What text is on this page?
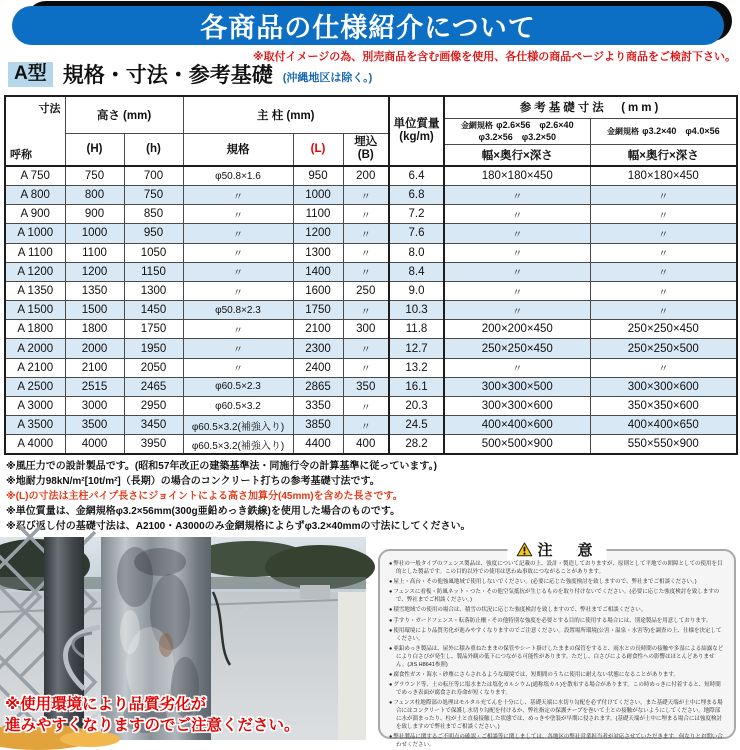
各商品の仕様紹介について
※取付イメージの為、別売商品を含む画像を使用、各仕様の商品ページより商品をご検討下さい。
A型 規格・寸法・参考基礎 (沖縄地区は除く。)
寸法
呼称
	高さ (mm)	主 柱 (mm)	
単位質量
(kg/m)
	参考基礎寸法　(mm)
							金網規格 φ2.6×56　φ2.6×40
φ3.2×56　φ3.2×50	金網規格 φ3.2×40　φ4.0×56
	(H)	(h)	規格	(L)	埋込
(B)			

							幅×奥行×深さ	幅×奥行×深さ
A 750	750	700	φ50.8×1.6	950	200	6.4	180×180×450	180×180×450
A 800	800	750	〃	1000	〃	6.8	〃	〃
A 900	900	850	〃	1100	〃	7.2	〃	〃
A 1000	1000	950	〃	1200	〃	7.6	〃	〃
A 1100	1100	1050	〃	1300	〃	8.0	〃	〃
A 1200	1200	1150	〃	1400	〃	8.4	〃	〃
A 1350	1350	1300	〃	1600	250	9.0	〃	〃
A 1500	1500	1450	φ50.8×2.3	1750	〃	10.3	〃	〃
A 1800	1800	1750	〃	2100	300	11.8	200×200×450	250×250×450
A 2000	2000	1950	〃	2300	〃	12.7	250×250×450	250×250×500
A 2100	2100	2050	〃	2400	〃	13.2	〃	〃
A 2500	2515	2465	φ60.5×2.3	2865	350	16.1	300×300×500	300×300×600
A 3000	3000	2950	φ60.5×3.2	3350	〃	20.3	300×300×600	350×350×600
A 3500	3500	3450	φ60.5×3.2(補強入り)	3850	〃	24.5	400×400×600	400×400×650
A 4000	4000	3950	φ60.5×3.2(補強入り)	4400	400	28.2	500×500×900	550×550×900
※風圧力での設計製品です。(昭和57年改正の建築基準法・同施行令の計算基準に従っています。)
※地耐力98kN/m²[10t/m²]（長期）の場合のコンクリート打ちの参考基礎寸法です。
※(L)の寸法は主柱パイプ長さにジョイントによる高さ加算分(45mm)を含めた長さです。
※単位質量は、金網規格φ3.2×56mm(300g亜鉛めっき鉄線)を使用した場合のものです。
※忍び返し付の基礎寸法は、A2100・A3000のみ金網規格によらずφ3.2×40mmの寸法にしてください。
※使用環境により品質劣化が
進みやすくなりますのでご注意ください。
注　意
● 弊社の一般タイプのフェンス製品は、強度について記載の上、設計・製造しておりますが、原則として平地での囲障としての使用を目的とした製品です。この目的以外での使用は思わぬ事故につながることがあります。
● 屋上・高台・その他強風地域で使用しないでください。(必要に応じた強度検討を致しますので、弊社までご相談ください。)
● フェンスに看板・防風ネット・つた・その他空気抵抗が生じるものを取り付けないでください。(必要に応じた強度検討を致しますので、弊社までご相談ください。)
● 積雪地域での使用の場合は、積雪の状況に応じた強度検討を致しますので、弊社までご相談ください。
● 手すり・ガードフェンス・転落防止柵・その他特別な強度を必要とする目的に使用する場合には、別途製品を用意しております。
● 使用環境により品質劣化が進みやすくなりますのでご注意ください。設置場所環境(公害・温泉・水害等)を調査の上、仕様を決定してください。
● 亜鉛めっき製品は、屋外に積み重ねたままの保管やシート掛けしたままの保管をすると、雨水との長時間の接触や多湿による結露などにより白さびが発生し、製品外観の低下につながる可能性があります。ただし、白さびによる耐食性への影響はほとんどありません。(JIS H8641参照)
● 腐食性ガス・海水・砂塵にさらされるような環境では、短期間のうちに使用に耐えない状態になることがあります。
● グラウンド等、土の転圧等に塩水または塩化カルシウム(通称塩カル)を散布する場合があります。この時めっきに付着すると、短時間でめっき表面が腐食され寿命が短くなります。
● フェンス柱地際部の処理はモルタル充てんを十分にし、基礎天端に水切り勾配を必ず付けてください。また基礎天端が土中に埋まる場合にはコンクリートで保護し水切り勾配を付けるか、弊社指定の保護テープを巻いて土との接触がないようにしてください。地際部に水が溜まったり、柱が土と直接接触した状態では、めっきや塗装が早期に侵されます。(基礎天端が土中に埋まる場合には強度検討を致しますので弊社までご相談ください。)
● 弊社製品に関するご不明点の確認・ご相談等に関しましては、各地区の弊社営業担当者が対応させていただきます。何なりとお問い合わせください。
